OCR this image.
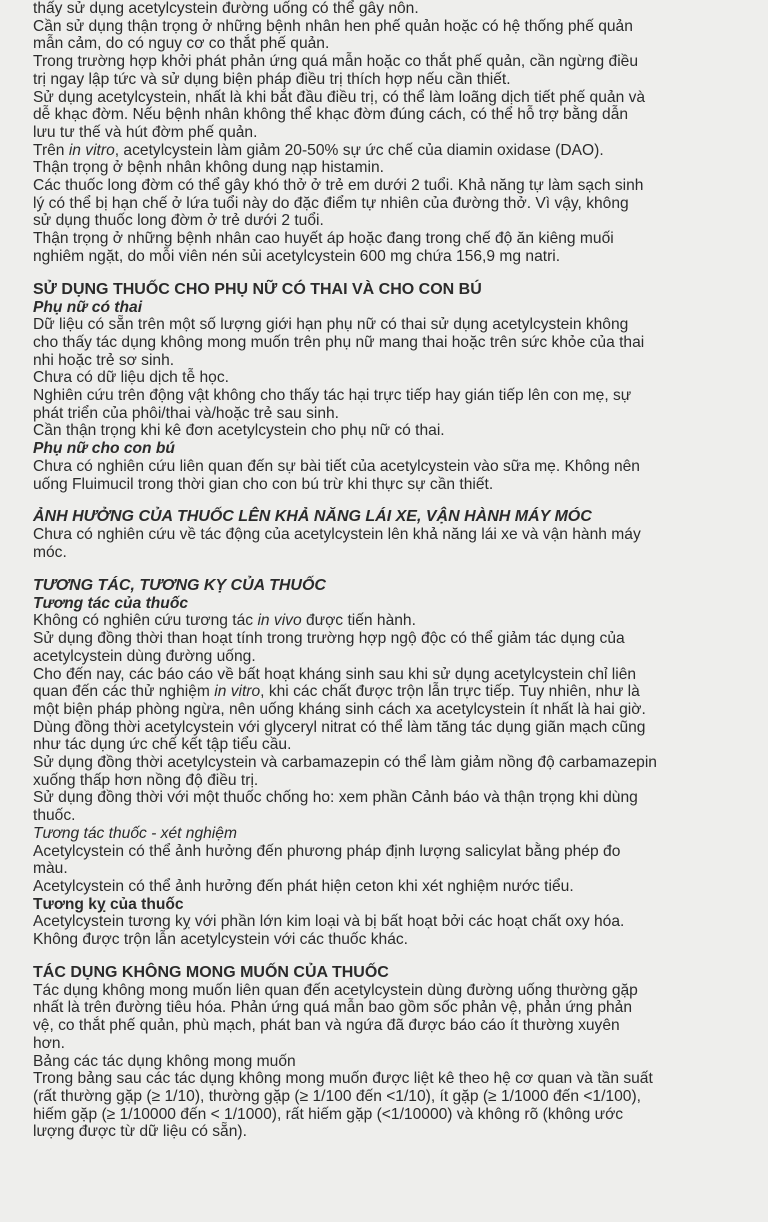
thấy sử dụng acetylcystein đường uống có thể gây nôn.
Cần sử dụng thận trọng ở những bệnh nhân hen phế quản hoặc có hệ thống phế quản
mẫn cảm, do có nguy cơ co thắt phế quản.
Trong trường hợp khởi phát phản ứng quá mẫn hoặc co thắt phế quản, cần ngừng điều
trị ngay lập tức và sử dụng biện pháp điều trị thích hợp nếu cần thiết.
Sử dụng acetylcystein, nhất là khi bắt đầu điều trị, có thể làm loãng dịch tiết phế quản và
dễ khạc đờm. Nếu bệnh nhân không thể khạc đờm đúng cách, có thể hỗ trợ bằng dẫn
lưu tư thế và hút đờm phế quản.
Trên in vitro, acetylcystein làm giảm 20-50% sự ức chế của diamin oxidase (DAO).
Thận trọng ở bệnh nhân không dung nạp histamin.
Các thuốc long đờm có thể gây khó thở ở trẻ em dưới 2 tuổi. Khả năng tự làm sạch sinh
lý có thể bị hạn chế ở lứa tuổi này do đặc điểm tự nhiên của đường thở. Vì vậy, không
sử dụng thuốc long đờm ở trẻ dưới 2 tuổi.
Thận trọng ở những bệnh nhân cao huyết áp hoặc đang trong chế độ ăn kiêng muối
nghiêm ngặt, do mỗi viên nén sủi acetylcystein 600 mg chứa 156,9 mg natri.
SỬ DỤNG THUỐC CHO PHỤ NỮ CÓ THAI VÀ CHO CON BÚ
Phụ nữ có thai
Dữ liệu có sẵn trên một số lượng giới hạn phụ nữ có thai sử dụng acetylcystein không
cho thấy tác dụng không mong muốn trên phụ nữ mang thai hoặc trên sức khỏe của thai
nhi hoặc trẻ sơ sinh.
Chưa có dữ liệu dịch tễ học.
Nghiên cứu trên động vật không cho thấy tác hại trực tiếp hay gián tiếp lên con mẹ, sự
phát triển của phôi/thai và/hoặc trẻ sau sinh.
Cần thận trọng khi kê đơn acetylcystein cho phụ nữ có thai.
Phụ nữ cho con bú
Chưa có nghiên cứu liên quan đến sự bài tiết của acetylcystein vào sữa mẹ. Không nên
uống Fluimucil trong thời gian cho con bú trừ khi thực sự cần thiết.
ẢNH HƯỞNG CỦA THUỐC LÊN KHẢ NĂNG LÁI XE, VẬN HÀNH MÁY MÓC
Chưa có nghiên cứu về tác động của acetylcystein lên khả năng lái xe và vận hành máy
móc.
TƯƠNG TÁC, TƯƠNG KỴ CỦA THUỐC
Tương tác của thuốc
Không có nghiên cứu tương tác in vivo được tiến hành.
Sử dụng đồng thời than hoạt tính trong trường hợp ngộ độc có thể giảm tác dụng của
acetylcystein dùng đường uống.
Cho đến nay, các báo cáo về bất hoạt kháng sinh sau khi sử dụng acetylcystein chỉ liên
quan đến các thử nghiệm in vitro, khi các chất được trộn lẫn trực tiếp. Tuy nhiên, như là
một biện pháp phòng ngừa, nên uống kháng sinh cách xa acetylcystein ít nhất là hai giờ.
Dùng đồng thời acetylcystein với glyceryl nitrat có thể làm tăng tác dụng giãn mạch cũng
như tác dụng ức chế kết tập tiểu cầu.
Sử dụng đồng thời acetylcystein và carbamazepin có thể làm giảm nồng độ carbamazepin
xuống thấp hơn nồng độ điều trị.
Sử dụng đồng thời với một thuốc chống ho: xem phần Cảnh báo và thận trọng khi dùng
thuốc.
Tương tác thuốc - xét nghiệm
Acetylcystein có thể ảnh hưởng đến phương pháp định lượng salicylat bằng phép đo
màu.
Acetylcystein có thể ảnh hưởng đến phát hiện ceton khi xét nghiệm nước tiểu.
Tương kỵ của thuốc
Acetylcystein tương kỵ với phần lớn kim loại và bị bất hoạt bởi các hoạt chất oxy hóa.
Không được trộn lẫn acetylcystein với các thuốc khác.
TÁC DỤNG KHÔNG MONG MUỐN CỦA THUỐC
Tác dụng không mong muốn liên quan đến acetylcystein dùng đường uống thường gặp
nhất là trên đường tiêu hóa. Phản ứng quá mẫn bao gồm sốc phản vệ, phản ứng phản
vệ, co thắt phế quản, phù mạch, phát ban và ngứa đã được báo cáo ít thường xuyên
hơn.
Bảng các tác dụng không mong muốn
Trong bảng sau các tác dụng không mong muốn được liệt kê theo hệ cơ quan và tần suất
(rất thường gặp (≥ 1/10), thường gặp (≥ 1/100 đến <1/10), ít gặp (≥ 1/1000 đến <1/100),
hiếm gặp (≥ 1/10000 đến < 1/1000), rất hiếm gặp (<1/10000) và không rõ (không ước
lượng được từ dữ liệu có sẵn).
